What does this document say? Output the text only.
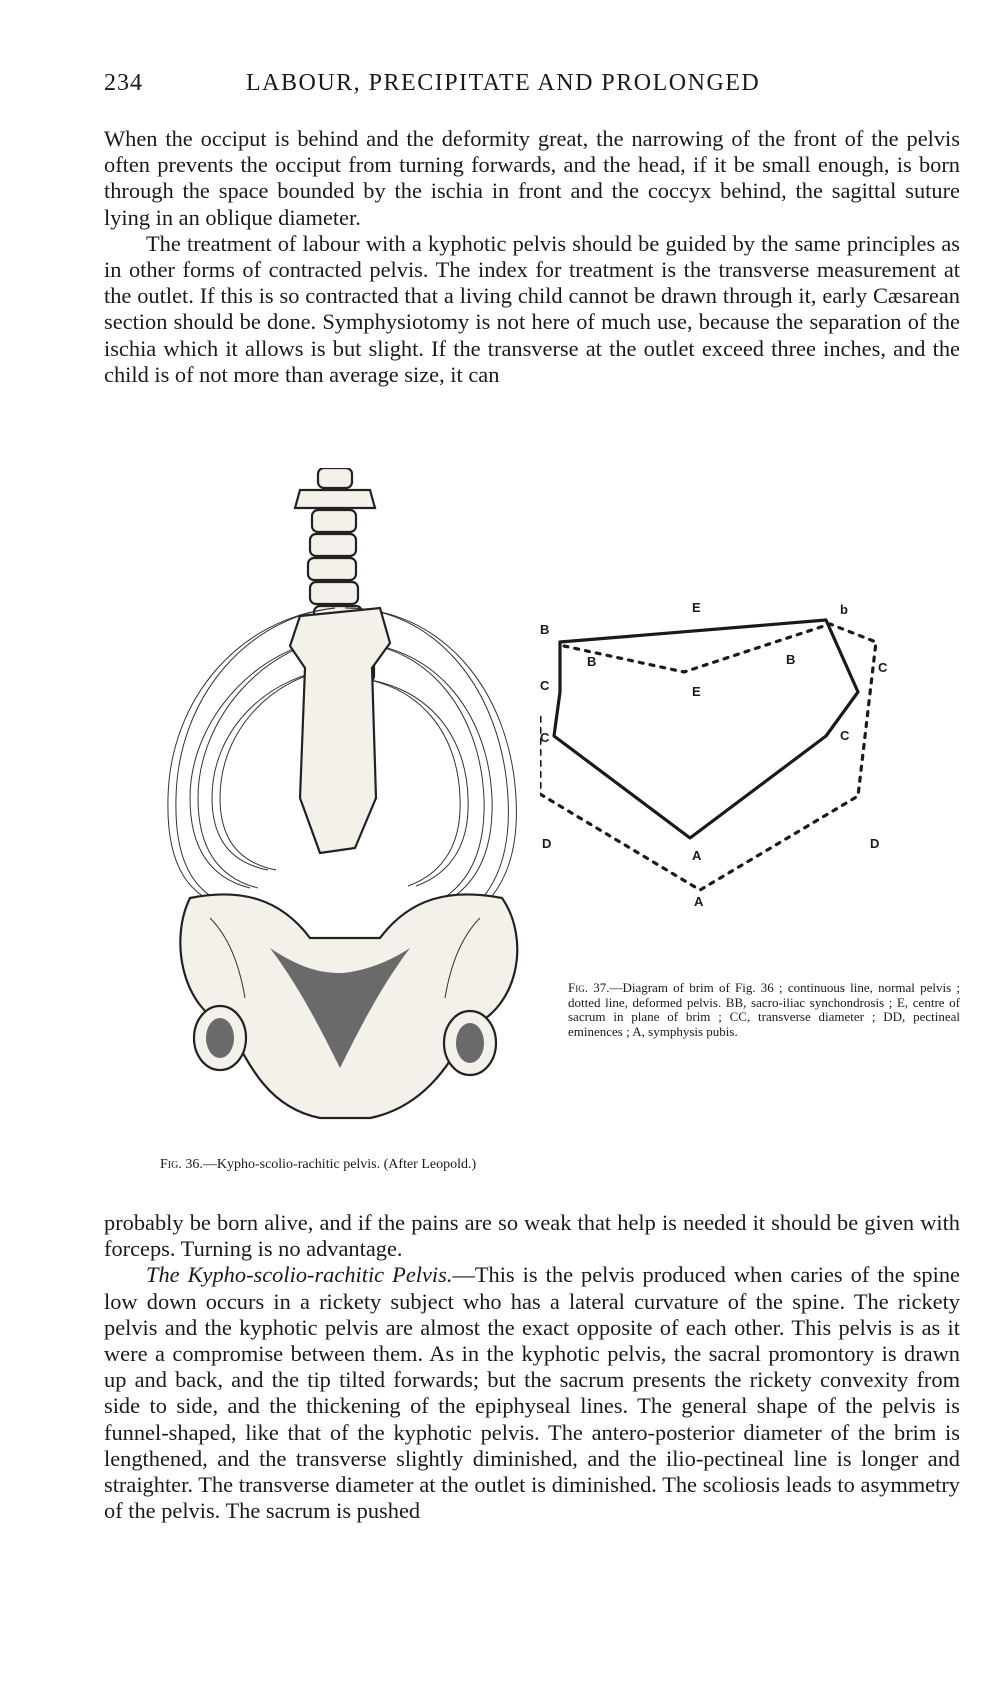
234	LABOUR, PRECIPITATE AND PROLONGED

When the occiput is behind and the deformity great, the narrowing of the front of the pelvis often prevents the occiput from turning forwards, and the head, if it be small enough, is born through the space bounded by the ischia in front and the coccyx behind, the sagittal suture lying in an oblique diameter.

The treatment of labour with a kyphotic pelvis should be guided by the same principles as in other forms of contracted pelvis. The index for treatment is the transverse measurement at the outlet. If this is so contracted that a living child cannot be drawn through it, early Cæsarean section should be done. Symphysiotomy is not here of much use, because the separation of the ischia which it allows is but slight. If the transverse at the outlet exceed three inches, and the child is of not more than average size, it can

E
E
B
B	B
b
C
C	C
C
D	D
A
A
Fig. 37.—Diagram of brim of Fig. 36 ; continuous line, normal pelvis ; dotted line, deformed pelvis. BB, sacro-iliac synchondrosis ; E, centre of sacrum in plane of brim ; CC, transverse diameter ; DD, pectineal eminences ; A, symphysis pubis.
Fig. 36.—Kypho-scolio-rachitic pelvis. (After Leopold.)

probably be born alive, and if the pains are so weak that help is needed it should be given with forceps. Turning is no advantage.

The Kypho-scolio-rachitic Pelvis.—This is the pelvis produced when caries of the spine low down occurs in a rickety subject who has a lateral curvature of the spine. The rickety pelvis and the kyphotic pelvis are almost the exact opposite of each other. This pelvis is as it were a compromise between them. As in the kyphotic pelvis, the sacral promontory is drawn up and back, and the tip tilted forwards; but the sacrum presents the rickety convexity from side to side, and the thickening of the epiphyseal lines. The general shape of the pelvis is funnel-shaped, like that of the kyphotic pelvis. The antero-posterior diameter of the brim is lengthened, and the transverse slightly diminished, and the ilio-pectineal line is longer and straighter. The transverse diameter at the outlet is diminished. The scoliosis leads to asymmetry of the pelvis. The sacrum is pushed
